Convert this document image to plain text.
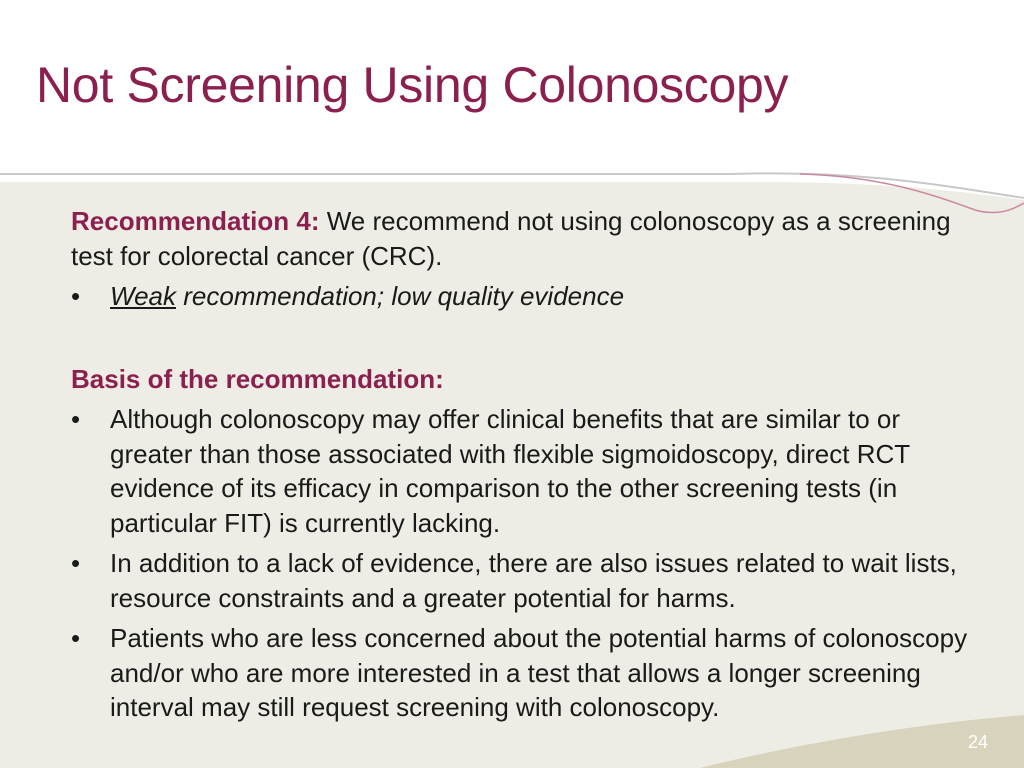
Not Screening Using Colonoscopy

Recommendation 4: We recommend not using colonoscopy as a screening test for colorectal cancer (CRC).

• Weak recommendation; low quality evidence

Basis of the recommendation:

• Although colonoscopy may offer clinical benefits that are similar to or greater than those associated with flexible sigmoidoscopy, direct RCT evidence of its efficacy in comparison to the other screening tests (in particular FIT) is currently lacking.
• In addition to a lack of evidence, there are also issues related to wait lists, resource constraints and a greater potential for harms.
• Patients who are less concerned about the potential harms of colonoscopy and/or who are more interested in a test that allows a longer screening interval may still request screening with colonoscopy.
24
